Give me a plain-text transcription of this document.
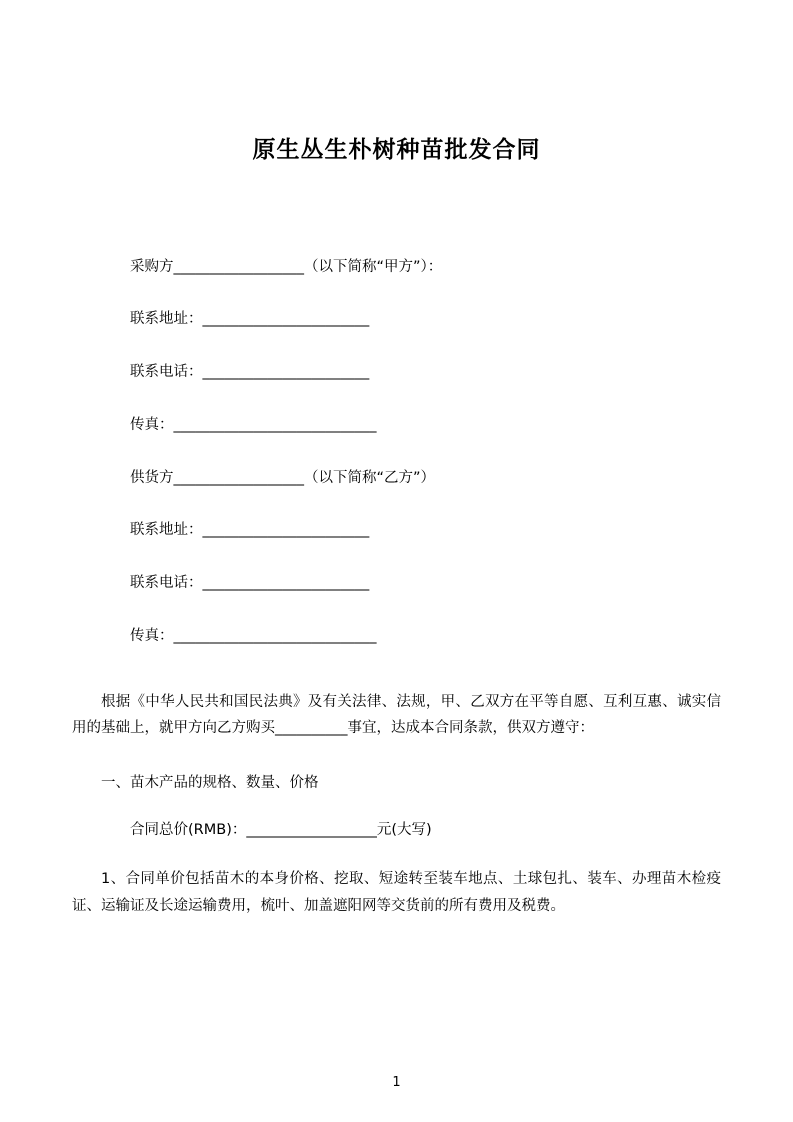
原生丛生朴树种苗批发合同

采购方__________________（以下简称“甲方”）：

联系地址：_______________________

联系电话：_______________________

传真：____________________________

供货方__________________（以下简称“乙方”）

联系地址：_______________________

联系电话：_______________________

传真：____________________________

根据《中华人民共和国民法典》及有关法律、法规，甲、乙双方在平等自愿、互利互惠、诚实信用的基础上，就甲方向乙方购买__________事宜，达成本合同条款，供双方遵守：

一、苗木产品的规格、数量、价格

合同总价(RMB)：__________________元(大写)

1、合同单价包括苗木的本身价格、挖取、短途转至装车地点、土球包扎、装车、办理苗木检疫证、运输证及长途运输费用，梳叶、加盖遮阳网等交货前的所有费用及税费。

1
